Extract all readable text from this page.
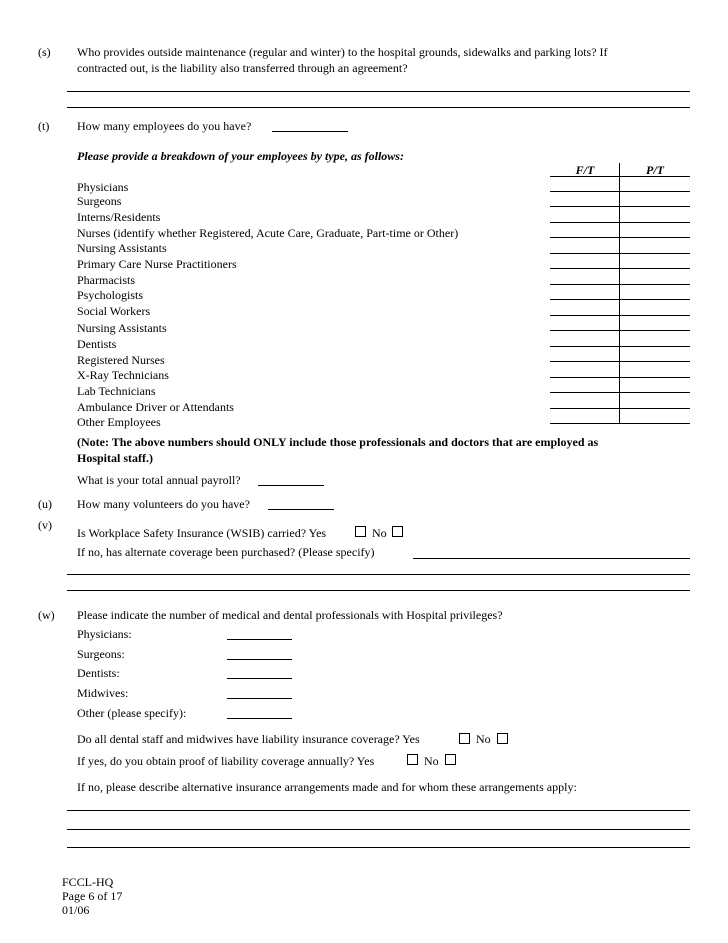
(s) Who provides outside maintenance (regular and winter) to the hospital grounds, sidewalks and parking lots? If
contracted out, is the liability also transferred through an agreement?
(t) How many employees do you have?
Please provide a breakdown of your employees by type, as follows:
F/T	P/T
Physicians
Surgeons
Interns/Residents
Nurses (identify whether Registered, Acute Care, Graduate, Part-time or Other)
Nursing Assistants
Primary Care Nurse Practitioners
Pharmacists
Psychologists
Social Workers
Nursing Assistants
Dentists
Registered Nurses
X-Ray Technicians
Lab Technicians
Ambulance Driver or Attendants
Other Employees
(Note: The above numbers should ONLY include those professionals and doctors that are employed as
Hospital staff.)
What is your total annual payroll?
(u) How many volunteers do you have?
(v)
Is Workplace Safety Insurance (WSIB) carried? Yes	No
If no, has alternate coverage been purchased? (Please specify)
(w) Please indicate the number of medical and dental professionals with Hospital privileges?
Physicians:
Surgeons:
Dentists:
Midwives:
Other (please specify):
Do all dental staff and midwives have liability insurance coverage? Yes	No
If yes, do you obtain proof of liability coverage annually? Yes	No
If no, please describe alternative insurance arrangements made and for whom these arrangements apply:
FCCL-HQ
Page 6 of 17
01/06
